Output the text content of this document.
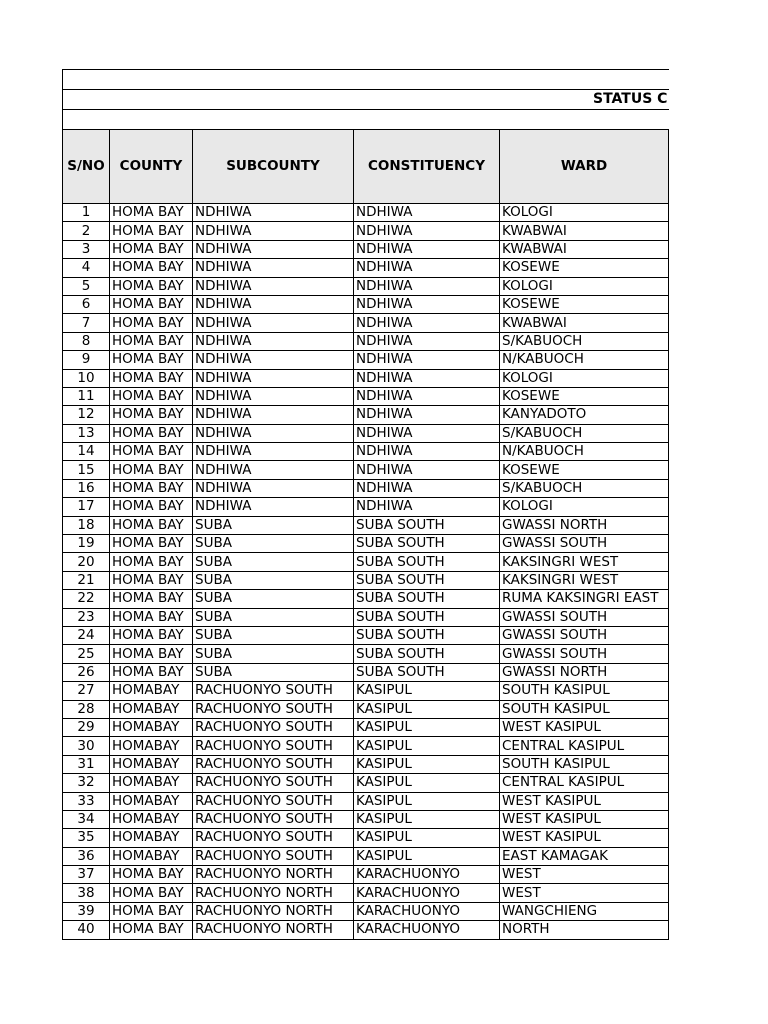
STATUS C				

S/NO	COUNTY	SUBCOUNTY	CONSTITUENCY	WARD
1	HOMA BAY	NDHIWA	NDHIWA	KOLOGI
2	HOMA BAY	NDHIWA	NDHIWA	KWABWAI
3	HOMA BAY	NDHIWA	NDHIWA	KWABWAI
4	HOMA BAY	NDHIWA	NDHIWA	KOSEWE
5	HOMA BAY	NDHIWA	NDHIWA	KOLOGI
6	HOMA BAY	NDHIWA	NDHIWA	KOSEWE
7	HOMA BAY	NDHIWA	NDHIWA	KWABWAI
8	HOMA BAY	NDHIWA	NDHIWA	S/KABUOCH
9	HOMA BAY	NDHIWA	NDHIWA	N/KABUOCH
10	HOMA BAY	NDHIWA	NDHIWA	KOLOGI
11	HOMA BAY	NDHIWA	NDHIWA	KOSEWE
12	HOMA BAY	NDHIWA	NDHIWA	KANYADOTO
13	HOMA BAY	NDHIWA	NDHIWA	S/KABUOCH
14	HOMA BAY	NDHIWA	NDHIWA	N/KABUOCH
15	HOMA BAY	NDHIWA	NDHIWA	KOSEWE
16	HOMA BAY	NDHIWA	NDHIWA	S/KABUOCH
17	HOMA BAY	NDHIWA	NDHIWA	KOLOGI
18	HOMA BAY	SUBA	SUBA SOUTH	GWASSI NORTH
19	HOMA BAY	SUBA	SUBA SOUTH	GWASSI SOUTH
20	HOMA BAY	SUBA	SUBA SOUTH	KAKSINGRI WEST
21	HOMA BAY	SUBA	SUBA SOUTH	KAKSINGRI WEST
22	HOMA BAY	SUBA	SUBA SOUTH	RUMA KAKSINGRI EAST
23	HOMA BAY	SUBA	SUBA SOUTH	GWASSI SOUTH
24	HOMA BAY	SUBA	SUBA SOUTH	GWASSI SOUTH
25	HOMA BAY	SUBA	SUBA SOUTH	GWASSI SOUTH
26	HOMA BAY	SUBA	SUBA SOUTH	GWASSI NORTH
27	HOMABAY	RACHUONYO SOUTH	KASIPUL	SOUTH KASIPUL
28	HOMABAY	RACHUONYO SOUTH	KASIPUL	SOUTH KASIPUL
29	HOMABAY	RACHUONYO SOUTH	KASIPUL	WEST KASIPUL
30	HOMABAY	RACHUONYO SOUTH	KASIPUL	CENTRAL KASIPUL
31	HOMABAY	RACHUONYO SOUTH	KASIPUL	SOUTH KASIPUL
32	HOMABAY	RACHUONYO SOUTH	KASIPUL	CENTRAL KASIPUL
33	HOMABAY	RACHUONYO SOUTH	KASIPUL	WEST KASIPUL
34	HOMABAY	RACHUONYO SOUTH	KASIPUL	WEST KASIPUL
35	HOMABAY	RACHUONYO SOUTH	KASIPUL	WEST KASIPUL
36	HOMABAY	RACHUONYO SOUTH	KASIPUL	EAST KAMAGAK
37	HOMA BAY	RACHUONYO NORTH	KARACHUONYO	WEST
38	HOMA BAY	RACHUONYO NORTH	KARACHUONYO	WEST
39	HOMA BAY	RACHUONYO NORTH	KARACHUONYO	WANGCHIENG
40	HOMA BAY	RACHUONYO NORTH	KARACHUONYO	NORTH
